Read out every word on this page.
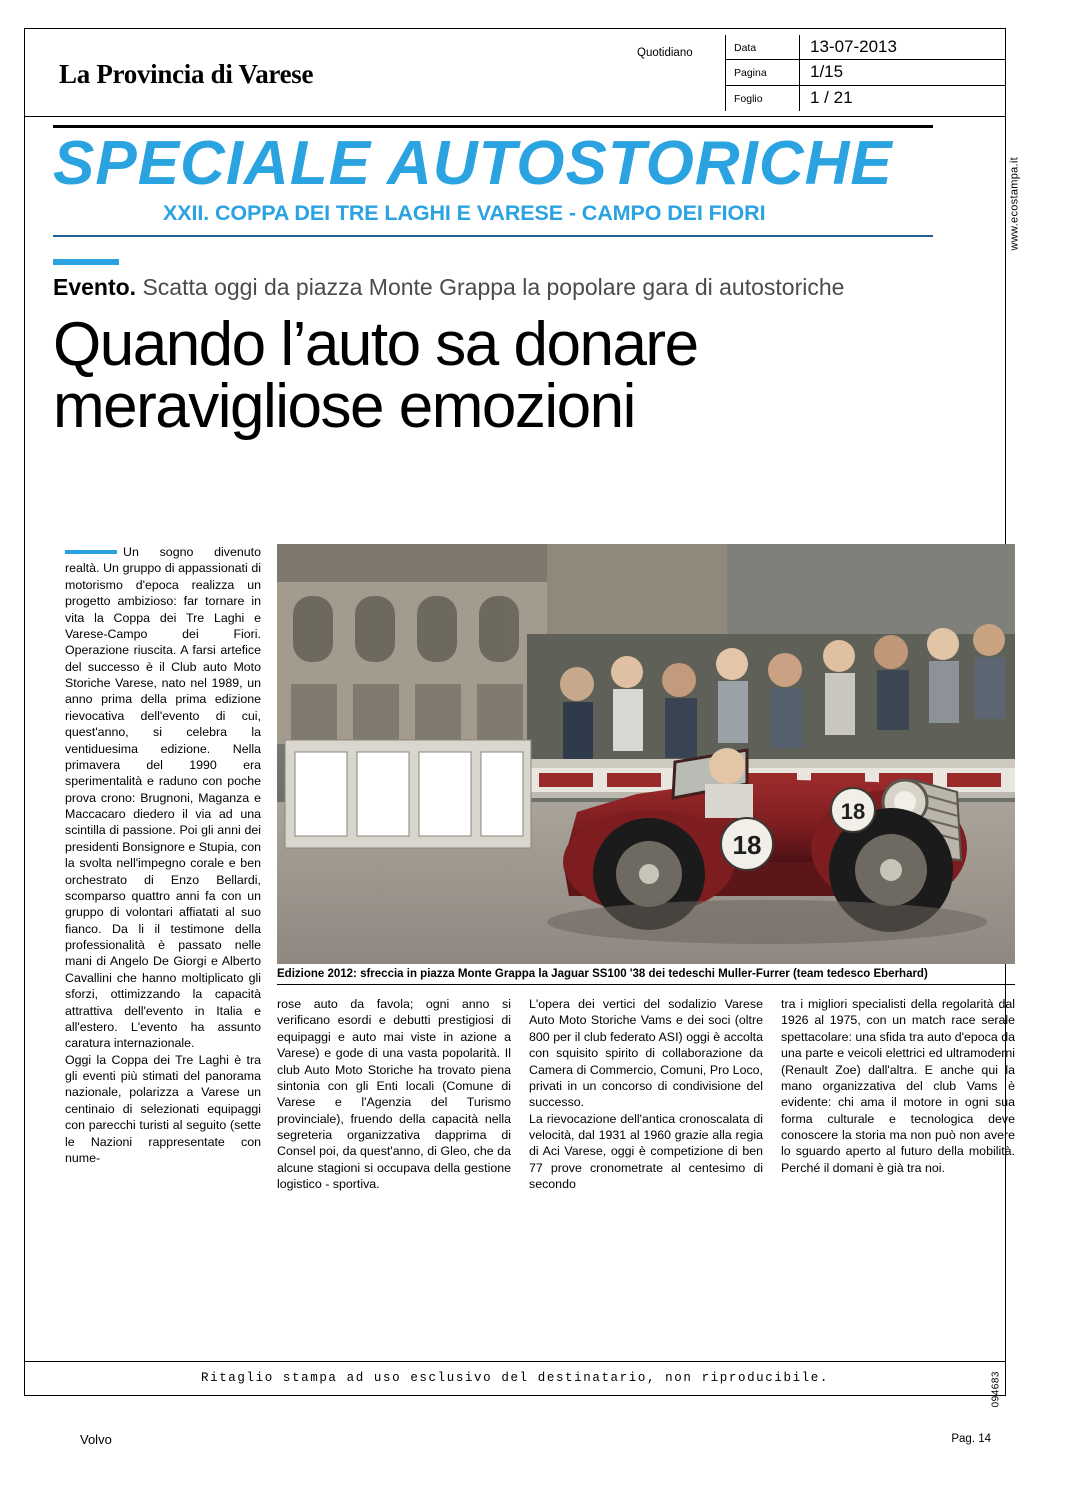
La Provincia di Varese
Quotidiano	Data	13-07-2013
Pagina	1/15
Foglio	1 / 21
www.ecostampa.it
094683
SPECIALE AUTOSTORICHE
XXII. COPPA DEI TRE LAGHI E VARESE - CAMPO DEI FIORI
Evento. Scatta oggi da piazza Monte Grappa la popolare gara di autostoriche
Quando l’auto sa donare
meravigliose emozioni

Un sogno divenuto realtà. Un gruppo di appassionati di motorismo d'epoca realizza un progetto ambizioso: far tornare in vita la Coppa dei Tre Laghi e Varese-Campo dei Fiori. Operazione riuscita. A farsi artefice del successo è il Club auto Moto Storiche Varese, nato nel 1989, un anno prima della prima edizione rievocativa dell'evento di cui, quest'anno, si celebra la ventiduesima edizione. Nella primavera del 1990 era sperimentalità e raduno con poche prova crono: Brugnoni, Maganza e Maccacaro diedero il via ad una scintilla di passione. Poi gli anni dei presidenti Bonsignore e Stupia, con la svolta nell'impegno corale e ben orchestrato di Enzo Bellardi, scomparso quattro anni fa con un gruppo di volontari affiatati al suo fianco. Da li il testimone della professionalità è passato nelle mani di Angelo De Giorgi e Alberto Cavallini che hanno moltiplicato gli sforzi, ottimizzando la capacità attrattiva dell'evento in Italia e all'estero. L'evento ha assunto caratura internazionale.

Oggi la Coppa dei Tre Laghi è tra gli eventi più stimati del panorama nazionale, polarizza a Varese un centinaio di selezionati equipaggi con parecchi turisti al seguito (sette le Nazioni rappresentate con nume-

18
18
Edizione 2012: sfreccia in piazza Monte Grappa la Jaguar SS100 '38 dei tedeschi Muller-Furrer (team tedesco Eberhard)

rose auto da favola; ogni anno si verificano esordi e debutti prestigiosi di equipaggi e auto mai viste in azione a Varese) e gode di una vasta popolarità. Il club Auto Moto Storiche ha trovato piena sintonia con gli Enti locali (Comune di Varese e l'Agenzia del Turismo provinciale), fruendo della capacità nella segreteria organizzativa dapprima di Consel poi, da quest'anno, di Gleo, che da alcune stagioni si occupava della gestione logistico - sportiva.

L'opera dei vertici del sodalizio Varese Auto Moto Storiche Vams e dei soci (oltre 800 per il club federato ASI) oggi è accolta con squisito spirito di collaborazione da Camera di Commercio, Comuni, Pro Loco, privati in un concorso di condivisione del successo.

La rievocazione dell'antica cronoscalata di velocità, dal 1931 al 1960 grazie alla regia di Aci Varese, oggi è competizione di ben 77 prove cronometrate al centesimo di secondo

tra i migliori specialisti della regolarità dal 1926 al 1975, con un match race serale spettacolare: una sfida tra auto d'epoca da una parte e veicoli elettrici ed ultramoderni (Renault Zoe) dall'altra. E anche qui la mano organizzativa del club Vams è evidente: chi ama il motore in ogni sua forma culturale e tecnologica deve conoscere la storia ma non può non avere lo sguardo aperto al futuro della mobilità. Perché il domani è già tra noi.

Ritaglio stampa ad uso esclusivo del destinatario, non riproducibile.
Volvo	Pag. 14
